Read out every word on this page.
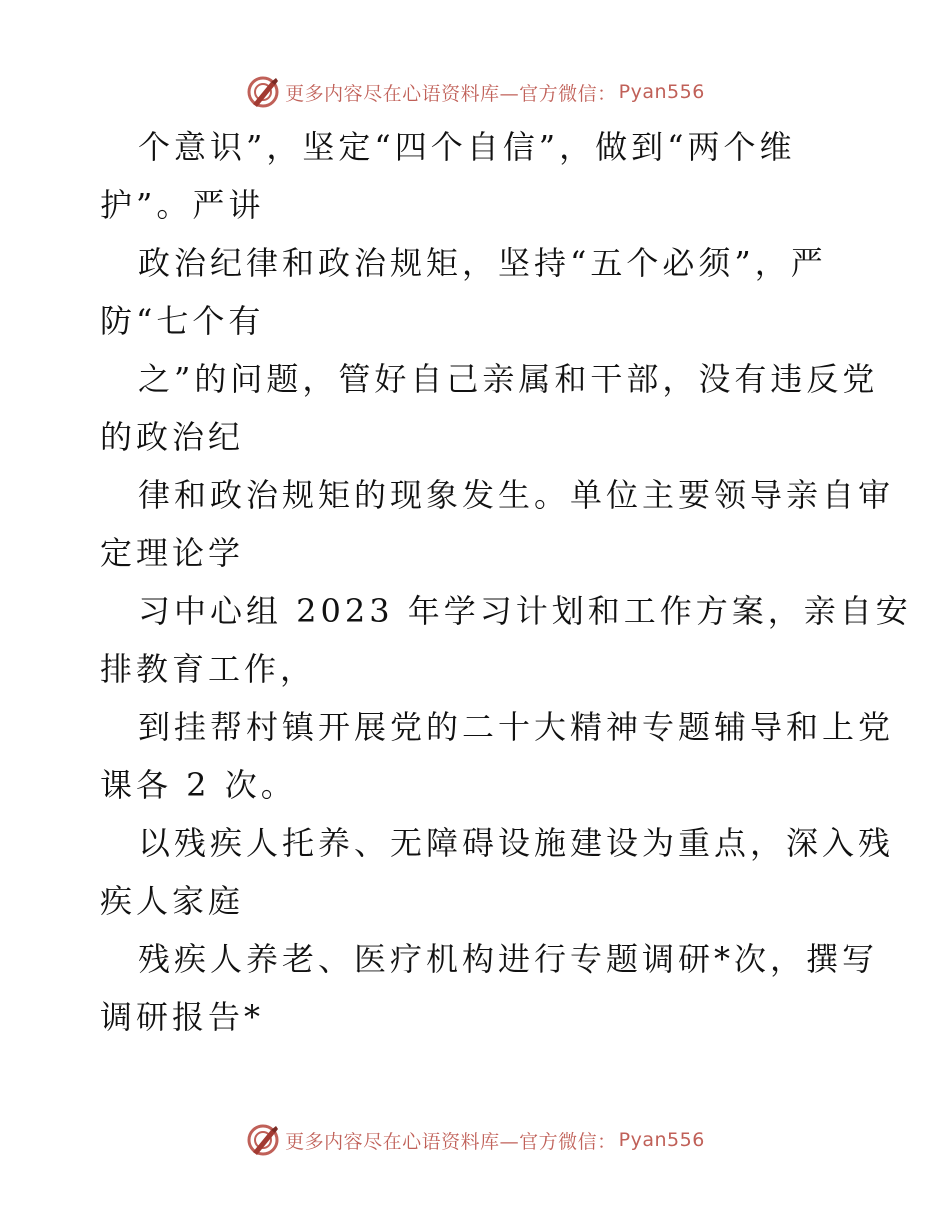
更多内容尽在心语资料库—官方微信： Pyan556
个意识”，坚定“四个自信”，做到“两个维
护”。严讲
政治纪律和政治规矩，坚持“五个必须”，严
防“七个有
之”的问题，管好自己亲属和干部，没有违反党
的政治纪
律和政治规矩的现象发生。单位主要领导亲自审
定理论学
习中心组 2023 年学习计划和工作方案，亲自安
排教育工作，
到挂帮村镇开展党的二十大精神专题辅导和上党
课各 2 次。
以残疾人托养、无障碍设施建设为重点，深入残
疾人家庭
残疾人养老、医疗机构进行专题调研*次，撰写
调研报告*
更多内容尽在心语资料库—官方微信： Pyan556
